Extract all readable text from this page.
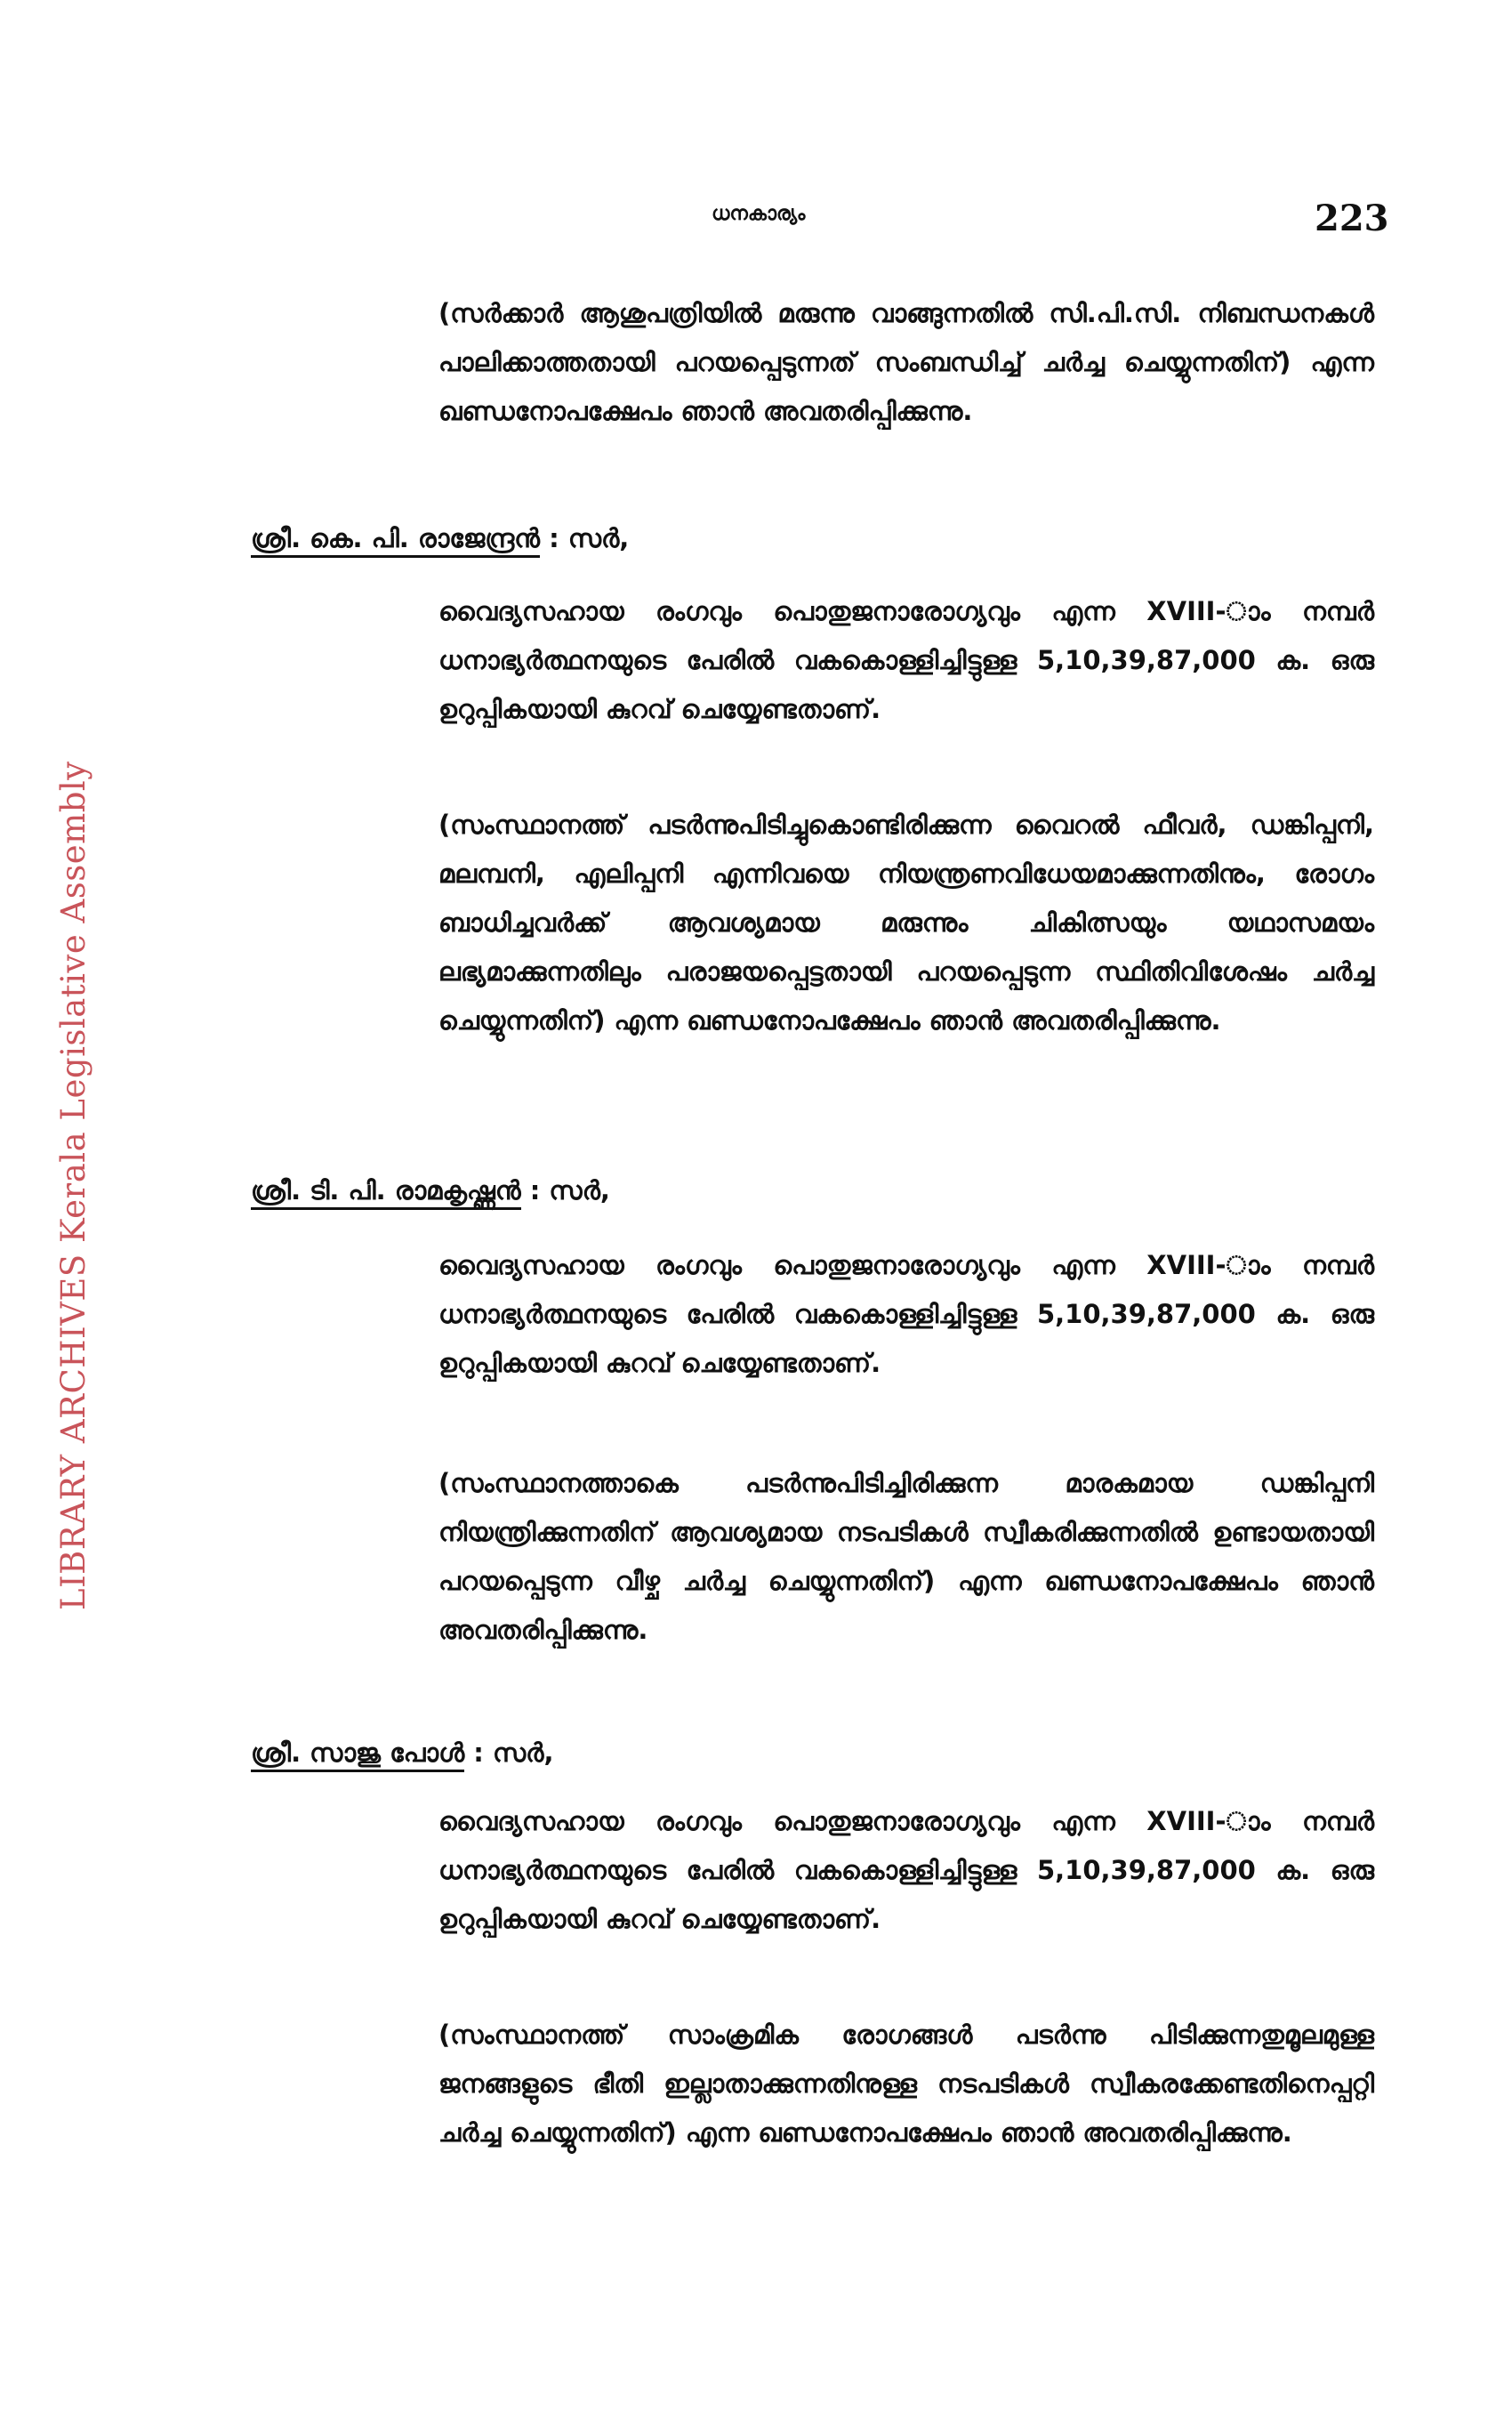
LIBRARY ARCHIVES Kerala Legislative Assembly
ധനകാര്യം	223

(സർക്കാർ ആശുപത്രിയിൽ മരുന്നു വാങ്ങുന്നതിൽ സി.പി.സി. നിബന്ധനകൾ പാലിക്കാത്തതായി പറയപ്പെടുന്നത് സംബന്ധിച്ച് ചർച്ച ചെയ്യുന്നതിന്) എന്ന ഖണ്ഡനോപക്ഷേപം ഞാൻ അവതരിപ്പിക്കുന്നു.

ശ്രീ. കെ. പി. രാജേന്ദ്രൻ : സർ,

വൈദ്യസഹായ രംഗവും പൊതുജനാരോഗ്യവും എന്ന XVIII-ാം നമ്പർ ധനാഭ്യർത്ഥനയുടെ പേരിൽ വകകൊള്ളിച്ചിട്ടുള്ള 5,10,39,87,000 ക. ഒരു ഉറുപ്പികയായി കുറവ് ചെയ്യേണ്ടതാണ്.

(സംസ്ഥാനത്ത് പടർന്നുപിടിച്ചുകൊണ്ടിരിക്കുന്ന വൈറൽ ഫീവർ, ഡങ്കിപ്പനി, മലമ്പനി, എലിപ്പനി എന്നിവയെ നിയന്ത്രണവിധേയമാക്കുന്നതിനും, രോഗം ബാധിച്ചവർക്ക് ആവശ്യമായ മരുന്നും ചികിത്സയും യഥാസമയം ലഭ്യമാക്കുന്നതിലും പരാജയപ്പെട്ടതായി പറയപ്പെടുന്ന സ്ഥിതിവിശേഷം ചർച്ച ചെയ്യുന്നതിന്) എന്ന ഖണ്ഡനോപക്ഷേപം ഞാൻ അവതരിപ്പിക്കുന്നു.

ശ്രീ. ടി. പി. രാമകൃഷ്ണൻ : സർ,

വൈദ്യസഹായ രംഗവും പൊതുജനാരോഗ്യവും എന്ന XVIII-ാം നമ്പർ ധനാഭ്യർത്ഥനയുടെ പേരിൽ വകകൊള്ളിച്ചിട്ടുള്ള 5,10,39,87,000 ക. ഒരു ഉറുപ്പികയായി കുറവ് ചെയ്യേണ്ടതാണ്.

(സംസ്ഥാനത്താകെ പടർന്നുപിടിച്ചിരിക്കുന്ന മാരകമായ ഡങ്കിപ്പനി നിയന്ത്രിക്കുന്നതിന് ആവശ്യമായ നടപടികൾ സ്വീകരിക്കുന്നതിൽ ഉണ്ടായതായി പറയപ്പെടുന്ന വീഴ്ച ചർച്ച ചെയ്യുന്നതിന്) എന്ന ഖണ്ഡനോപക്ഷേപം ഞാൻ അവതരിപ്പിക്കുന്നു.

ശ്രീ. സാജു പോൾ : സർ,

വൈദ്യസഹായ രംഗവും പൊതുജനാരോഗ്യവും എന്ന XVIII-ാം നമ്പർ ധനാഭ്യർത്ഥനയുടെ പേരിൽ വകകൊള്ളിച്ചിട്ടുള്ള 5,10,39,87,000 ക. ഒരു ഉറുപ്പികയായി കുറവ് ചെയ്യേണ്ടതാണ്.

(സംസ്ഥാനത്ത് സാംക്രമിക രോഗങ്ങൾ പടർന്നു പിടിക്കുന്നതുമൂലമുള്ള ജനങ്ങളുടെ ഭീതി ഇല്ലാതാക്കുന്നതിനുള്ള നടപടികൾ സ്വീകരക്കേണ്ടതിനെപ്പറ്റി ചർച്ച ചെയ്യുന്നതിന്) എന്ന ഖണ്ഡനോപക്ഷേപം ഞാൻ അവതരിപ്പിക്കുന്നു.
